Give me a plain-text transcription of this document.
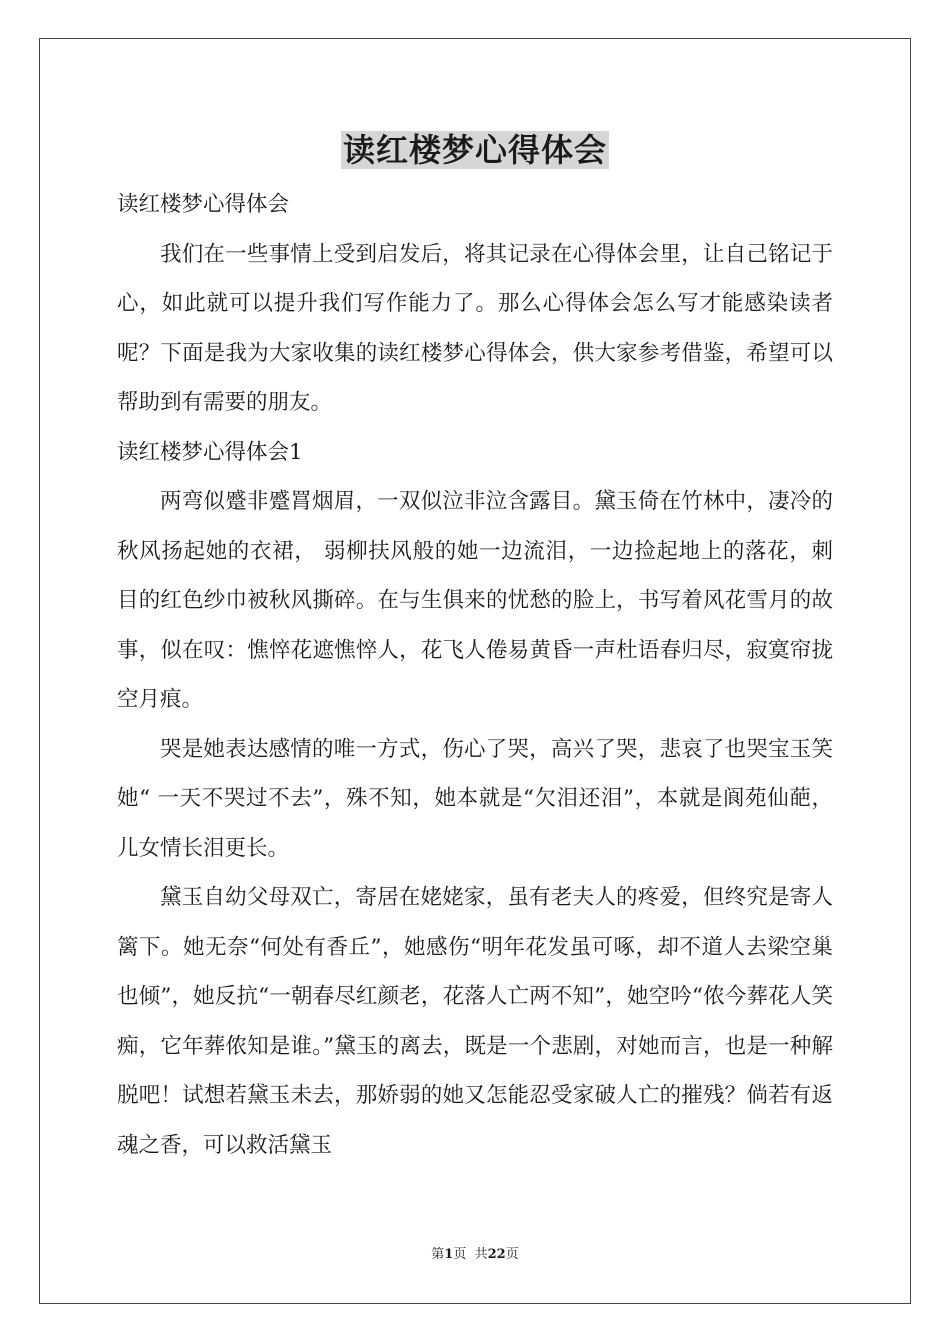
读红楼梦心得体会

读红楼梦心得体会

我们在一些事情上受到启发后，将其记录在心得体会里，让自己铭记于心，如此就可以提升我们写作能力了。那么心得体会怎么写才能感染读者呢？下面是我为大家收集的读红楼梦心得体会，供大家参考借鉴，希望可以帮助到有需要的朋友。

读红楼梦心得体会1

两弯似蹙非蹙罥烟眉，一双似泣非泣含露目。黛玉倚在竹林中，凄冷的秋风扬起她的衣裙， 弱柳扶风般的她一边流泪，一边捡起地上的落花，刺目的红色纱巾被秋风撕碎。在与生俱来的忧愁的脸上，书写着风花雪月的故事，似在叹：憔悴花遮憔悴人，花飞人倦易黄昏一声杜语春归尽，寂寞帘拢空月痕。

哭是她表达感情的唯一方式，伤心了哭，高兴了哭，悲哀了也哭宝玉笑她“ 一天不哭过不去”，殊不知，她本就是“欠泪还泪”，本就是阆苑仙葩，儿女情长泪更长。

黛玉自幼父母双亡，寄居在姥姥家，虽有老夫人的疼爱，但终究是寄人篱下。她无奈“何处有香丘”，她感伤“明年花发虽可啄，却不道人去梁空巢也倾”，她反抗“一朝春尽红颜老，花落人亡两不知”，她空吟“侬今葬花人笑痴，它年葬侬知是谁。”黛玉的离去，既是一个悲剧，对她而言，也是一种解脱吧！试想若黛玉未去，那娇弱的她又怎能忍受家破人亡的摧残？倘若有返魂之香，可以救活黛玉

第1页  共22页
